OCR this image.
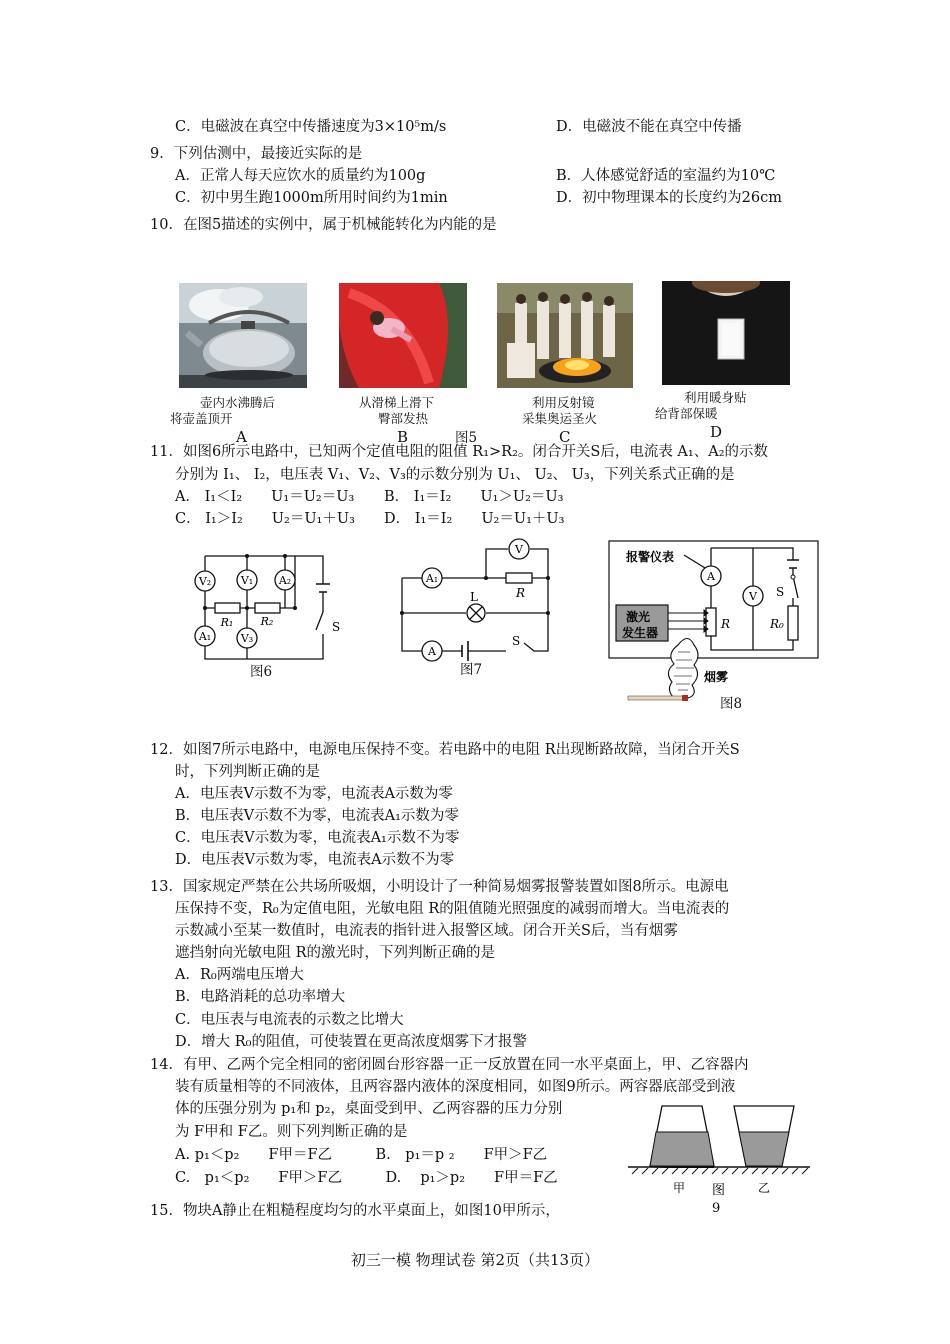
C．电磁波在真空中传播速度为3×10⁵m/s	D．电磁波不能在真空中传播
9．下列估测中，最接近实际的是
A．正常人每天应饮水的质量约为100g	B．人体感觉舒适的室温约为10℃
C．初中男生跑1000m所用时间约为1min	D．初中物理课本的长度约为26cm
10．在图5描述的实例中，属于机械能转化为内能的是
壶内水沸腾后
将壶盖顶开
A
从滑梯上滑下
臀部发热
B
利用反射镜
采集奥运圣火
C
利用暖身贴
给背部保暖
D
图5
11．如图6所示电路中，已知两个定值电阻的阻值 R₁>R₂。闭合开关S后，电流表 A₁、A₂的示数
分别为 I₁、 I₂，电压表 V₁、V₂、V₃的示数分别为 U₁、 U₂、 U₃，下列关系式正确的是
A． I₁＜I₂　　U₁＝U₂＝U₃ B． I₁＝I₂　　U₁＞U₂＝U₃
C． I₁＞I₂　　U₂＝U₁＋U₃ D． I₁＝I₂　　U₂＝U₁＋U₃
V₂	V₁ A₂
A₁	V₃
R₁ R₂	S
图6
V
A₁
R
L
A
S
图7
报警仪表
激光
发生器
A
V
R	R₀
S
烟雾
图8
12．如图7所示电路中，电源电压保持不变。若电路中的电阻 R出现断路故障，当闭合开关S
时，下列判断正确的是
A．电压表V示数不为零，电流表A示数为零
B．电压表V示数不为零，电流表A₁示数为零
C．电压表V示数为零，电流表A₁示数不为零
D．电压表V示数为零，电流表A示数不为零
13．国家规定严禁在公共场所吸烟，小明设计了一种简易烟雾报警装置如图8所示。电源电
压保持不变，R₀为定值电阻，光敏电阻 R的阻值随光照强度的减弱而增大。当电流表的
示数减小至某一数值时，电流表的指针进入报警区域。闭合开关S后，当有烟雾
遮挡射向光敏电阻 R的激光时，下列判断正确的是
A．R₀两端电压增大
B．电路消耗的总功率增大
C．电压表与电流表的示数之比增大
D．增大 R₀的阻值，可使装置在更高浓度烟雾下才报警
14．有甲、乙两个完全相同的密闭圆台形容器一正一反放置在同一水平桌面上，甲、乙容器内
装有质量相等的不同液体，且两容器内液体的深度相同，如图9所示。两容器底部受到液
体的压强分别为 p₁和 p₂，桌面受到甲、乙两容器的压力分别
为 F甲和 F乙。则下列判断正确的是
A. p₁＜p₂　　F甲＝F乙　　　B.　p₁＝p ₂　　F甲＞F乙
C.　p₁＜p₂　　F甲＞F乙　　　D.　 p₁＞p₂　　F甲＝F乙
甲 图	乙
9
15．物块A静止在粗糙程度均匀的水平桌面上，如图10甲所示，
初三一模 物理试卷 第2页（共13页）
